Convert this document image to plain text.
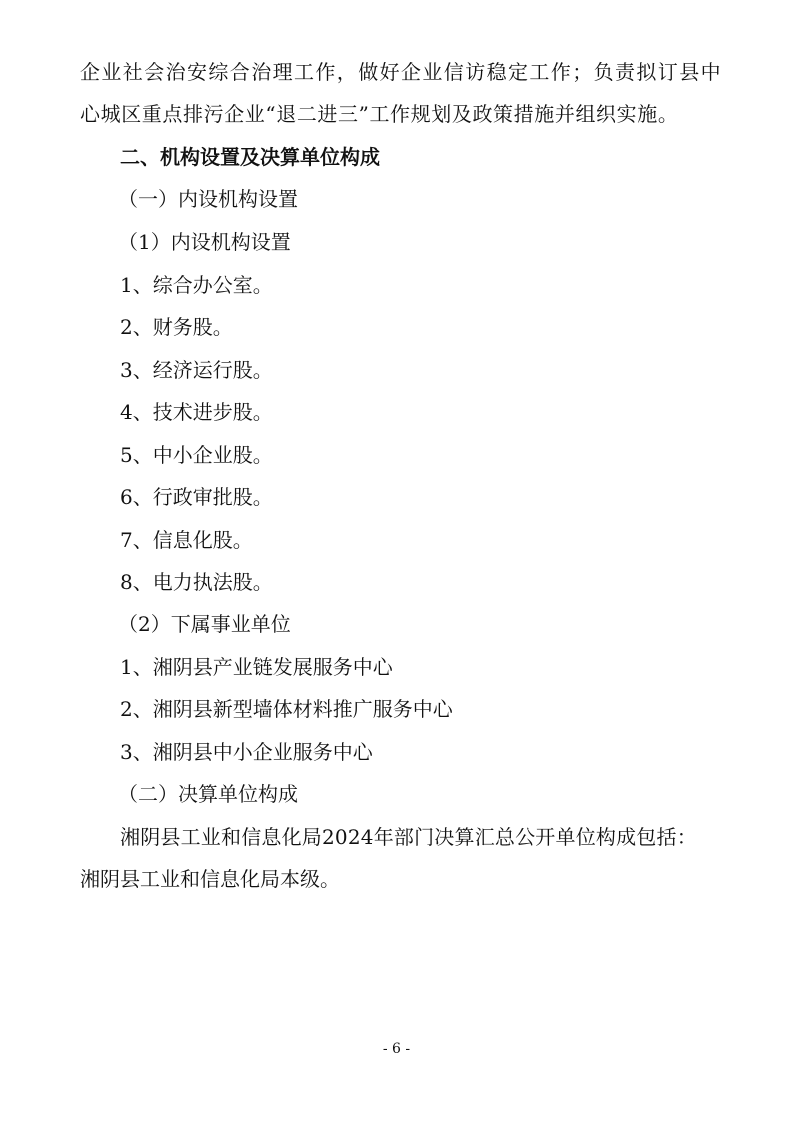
企业社会治安综合治理工作，做好企业信访稳定工作；负责拟订县中
心城区重点排污企业“退二进三”工作规划及政策措施并组织实施。
二、机构设置及决算单位构成
（一）内设机构设置
（1）内设机构设置
1、综合办公室。
2、财务股。
3、经济运行股。
4、技术进步股。
5、中小企业股。
6、行政审批股。
7、信息化股。
8、电力执法股。
（2）下属事业单位
1、湘阴县产业链发展服务中心
2、湘阴县新型墙体材料推广服务中心
3、湘阴县中小企业服务中心
（二）决算单位构成
湘阴县工业和信息化局2024年部门决算汇总公开单位构成包括：
湘阴县工业和信息化局本级。
- 6 -
